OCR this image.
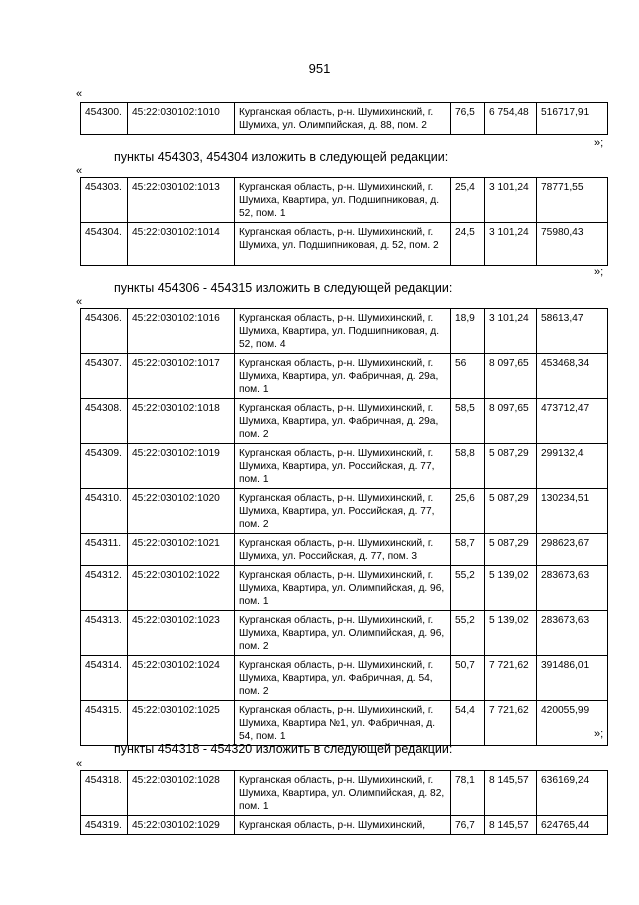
951
«
454300.	45:22:030102:1010	Курганская область, р-н. Шумихинский, г. Шумиха, ул. Олимпийская, д. 88, пом. 2	76,5	6 754,48	516717,91
»;
пункты 454303, 454304 изложить в следующей редакции:
«
454303.	45:22:030102:1013	Курганская область, р-н. Шумихинский, г. Шумиха, Квартира, ул. Подшипниковая, д. 52, пом. 1	25,4	3 101,24	78771,55
454304.	45:22:030102:1014	Курганская область, р-н. Шумихинский, г. Шумиха, ул. Подшипниковая, д. 52, пом. 2	24,5	3 101,24	75980,43
»;
пункты 454306 - 454315 изложить в следующей редакции:
«
454306.	45:22:030102:1016	Курганская область, р-н. Шумихинский, г. Шумиха, Квартира, ул. Подшипниковая, д. 52, пом. 4	18,9	3 101,24	58613,47
454307.	45:22:030102:1017	Курганская область, р-н. Шумихинский, г. Шумиха, Квартира, ул. Фабричная, д. 29а, пом. 1	56	8 097,65	453468,34
454308.	45:22:030102:1018	Курганская область, р-н. Шумихинский, г. Шумиха, Квартира, ул. Фабричная, д. 29а, пом. 2	58,5	8 097,65	473712,47
454309.	45:22:030102:1019	Курганская область, р-н. Шумихинский, г. Шумиха, Квартира, ул. Российская, д. 77, пом. 1	58,8	5 087,29	299132,4
454310.	45:22:030102:1020	Курганская область, р-н. Шумихинский, г. Шумиха, Квартира, ул. Российская, д. 77, пом. 2	25,6	5 087,29	130234,51
454311.	45:22:030102:1021	Курганская область, р-н. Шумихинский, г. Шумиха, ул. Российская, д. 77, пом. 3	58,7	5 087,29	298623,67
454312.	45:22:030102:1022	Курганская область, р-н. Шумихинский, г. Шумиха, Квартира, ул. Олимпийская, д. 96, пом. 1	55,2	5 139,02	283673,63
454313.	45:22:030102:1023	Курганская область, р-н. Шумихинский, г. Шумиха, Квартира, ул. Олимпийская, д. 96, пом. 2	55,2	5 139,02	283673,63
454314.	45:22:030102:1024	Курганская область, р-н. Шумихинский, г. Шумиха, Квартира, ул. Фабричная, д. 54, пом. 2	50,7	7 721,62	391486,01
454315.	45:22:030102:1025	Курганская область, р-н. Шумихинский, г. Шумиха, Квартира №1, ул. Фабричная, д. 54, пом. 1	54,4	7 721,62	420055,99
»;
пункты 454318 - 454320 изложить в следующей редакции:
«
454318.	45:22:030102:1028	Курганская область, р-н. Шумихинский, г. Шумиха, Квартира, ул. Олимпийская, д. 82, пом. 1	78,1	8 145,57	636169,24
454319.	45:22:030102:1029	Курганская область, р-н. Шумихинский,	76,7	8 145,57	624765,44
